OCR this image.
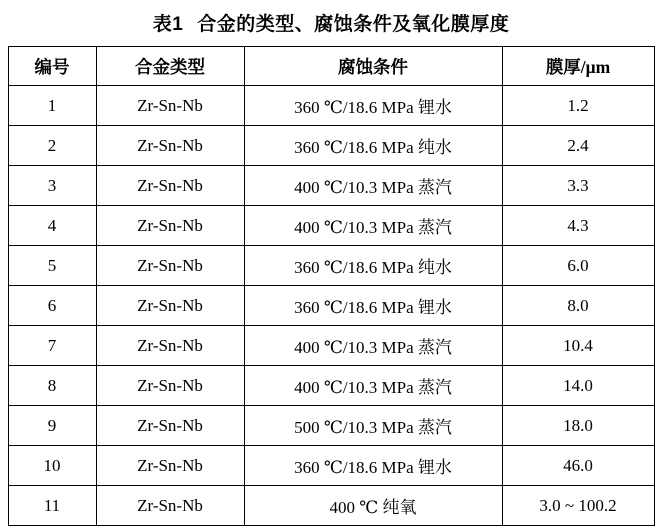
表1 合金的类型、腐蚀条件及氧化膜厚度
编号	合金类型	腐蚀条件	膜厚/μm
1	Zr-Sn-Nb	360 ℃/18.6 MPa 锂水	1.2
2	Zr-Sn-Nb	360 ℃/18.6 MPa 纯水	2.4
3	Zr-Sn-Nb	400 ℃/10.3 MPa 蒸汽	3.3
4	Zr-Sn-Nb	400 ℃/10.3 MPa 蒸汽	4.3
5	Zr-Sn-Nb	360 ℃/18.6 MPa 纯水	6.0
6	Zr-Sn-Nb	360 ℃/18.6 MPa 锂水	8.0
7	Zr-Sn-Nb	400 ℃/10.3 MPa 蒸汽	10.4
8	Zr-Sn-Nb	400 ℃/10.3 MPa 蒸汽	14.0
9	Zr-Sn-Nb	500 ℃/10.3 MPa 蒸汽	18.0
10	Zr-Sn-Nb	360 ℃/18.6 MPa 锂水	46.0
11	Zr-Sn-Nb	400 ℃ 纯氧	3.0 ~ 100.2
